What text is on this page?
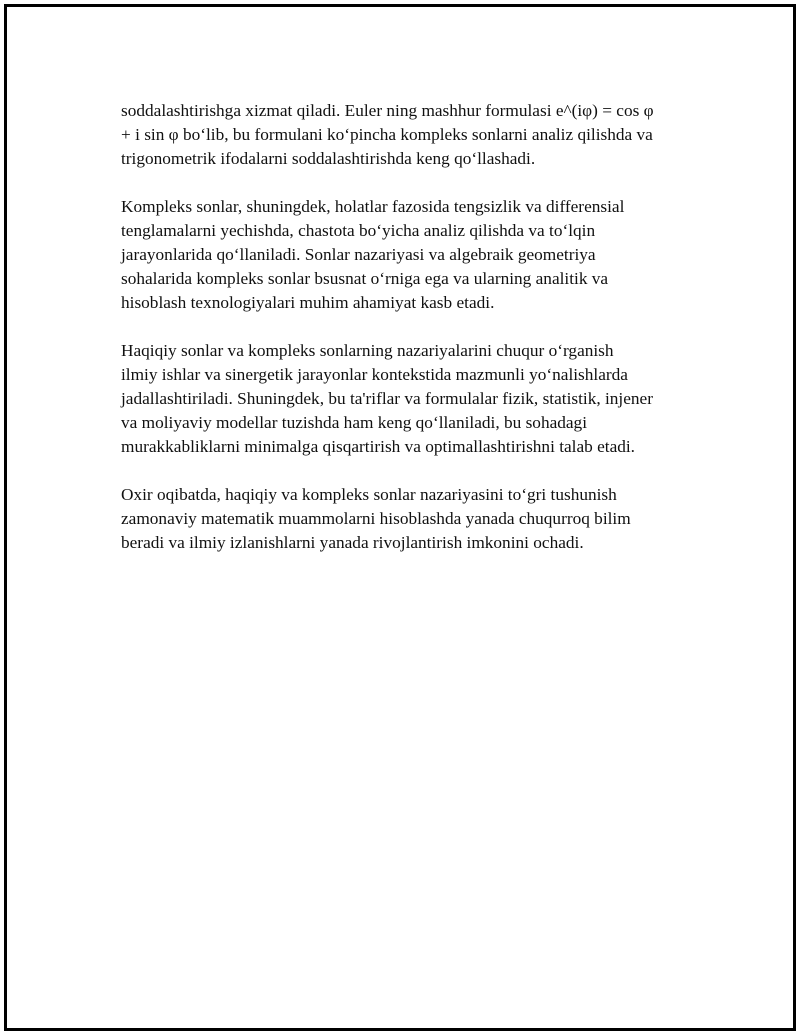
soddalashtirishga xizmat qiladi. Euler ning mashhur formulasi e^(iφ) = cos φ
+ i sin φ bo‘lib, bu formulani ko‘pincha kompleks sonlarni analiz qilishda va
trigonometrik ifodalarni soddalashtirishda keng qo‘llashadi.

Kompleks sonlar, shuningdek, holatlar fazosida tengsizlik va differensial
tenglamalarni yechishda, chastota bo‘yicha analiz qilishda va to‘lqin
jarayonlarida qo‘llaniladi. Sonlar nazariyasi va algebraik geometriya
sohalarida kompleks sonlar bsusnat o‘rniga ega va ularning analitik va
hisoblash texnologiyalari muhim ahamiyat kasb etadi.

Haqiqiy sonlar va kompleks sonlarning nazariyalarini chuqur o‘rganish
ilmiy ishlar va sinergetik jarayonlar kontekstida mazmunli yo‘nalishlarda
jadallashtiriladi. Shuningdek, bu ta'riflar va formulalar fizik, statistik, injener
va moliyaviy modellar tuzishda ham keng qo‘llaniladi, bu sohadagi
murakkabliklarni minimalga qisqartirish va optimallashtirishni talab etadi.

Oxir oqibatda, haqiqiy va kompleks sonlar nazariyasini to‘gri tushunish
zamonaviy matematik muammolarni hisoblashda yanada chuqurroq bilim
beradi va ilmiy izlanishlarni yanada rivojlantirish imkonini ochadi.
